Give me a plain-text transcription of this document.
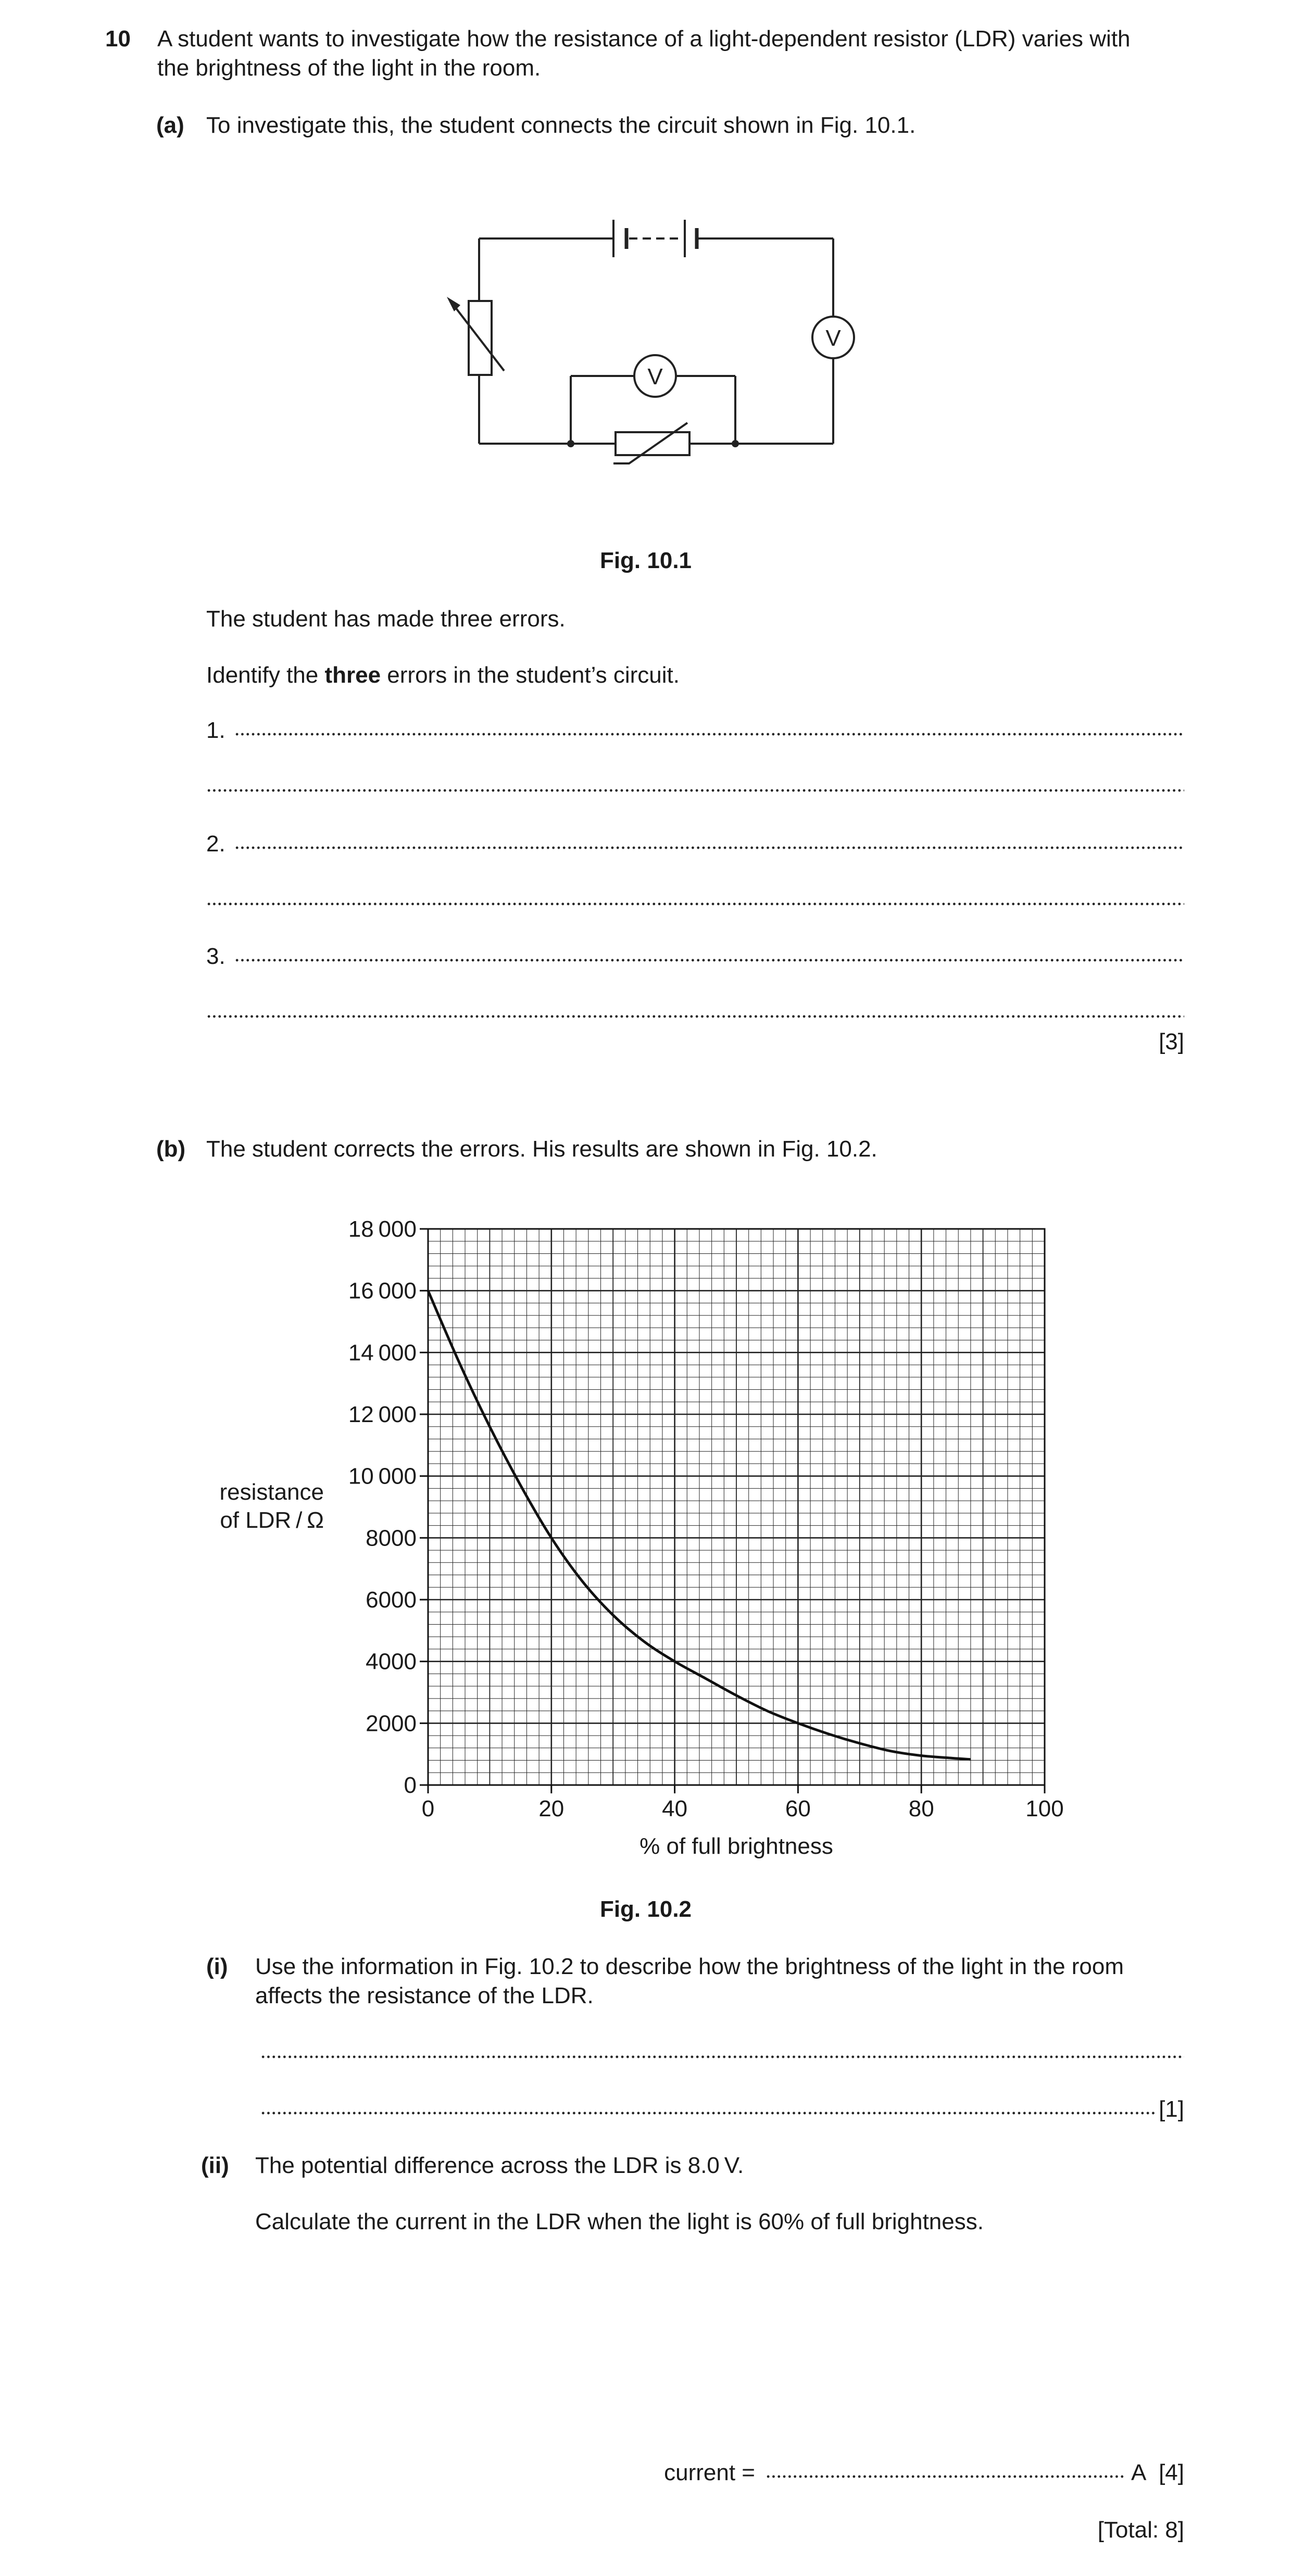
10 A student wants to investigate how the resistance of a light-dependent resistor (LDR) varies with
the brightness of the light in the room.
(a) To investigate this, the student connects the circuit shown in Fig. 10.1.
V
V
Fig. 10.1
The student has made three errors.
Identify the three errors in the student’s circuit.
1.
2.
3.
[3]
(b) The student corrects the errors. His results are shown in Fig. 10.2.
0	20	40	60	80	100
0
2000
4000
6000
8000
10 000
12 000
14 000
16 000
18 000
% of full brightness
resistance
of LDR / Ω
Fig. 10.2
(i) Use the information in Fig. 10.2 to describe how the brightness of the light in the room
affects the resistance of the LDR.
[1]
(ii) The potential difference across the LDR is 8.0 V.
Calculate the current in the LDR when the light is 60% of full brightness.
current =	A [4]
[Total: 8]
